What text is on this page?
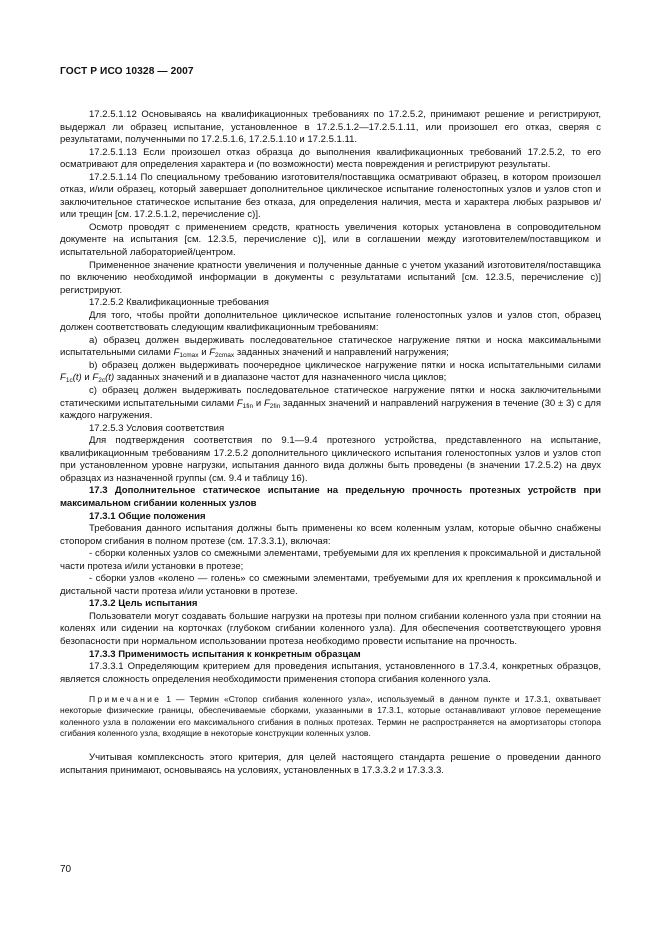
ГОСТ Р ИСО 10328 — 2007

17.2.5.1.12 Основываясь на квалификационных требованиях по 17.2.5.2, принимают решение и регистрируют, выдержал ли образец испытание, установленное в 17.2.5.1.2—17.2.5.1.11, или произошел его отказ, сверяя с результатами, полученными по 17.2.5.1.6, 17.2.5.1.10 и 17.2.5.1.11.

17.2.5.1.13 Если произошел отказ образца до выполнения квалификационных требований 17.2.5.2, то его осматривают для определения характера и (по возможности) места повреждения и регистрируют результаты.

17.2.5.1.14 По специальному требованию изготовителя/поставщика осматривают образец, в котором произошел отказ, и/или образец, который завершает дополнительное циклическое испытание голеностопных узлов и узлов стоп и заключительное статическое испытание без отказа, для определения наличия, места и характера любых разрывов и/или трещин [см. 17.2.5.1.2, перечисление с)].

Осмотр проводят с применением средств, кратность увеличения которых установлена в сопроводительном документе на испытания [см. 12.3.5, перечисление с)], или в соглашении между изготовителем/поставщиком и испытательной лабораторией/центром.

Примененное значение кратности увеличения и полученные данные с учетом указаний изготовителя/поставщика по включению необходимой информации в документы с результатами испытаний [см. 12.3.5, перечисление с)] регистрируют.

17.2.5.2 Квалификационные требования

Для того, чтобы пройти дополнительное циклическое испытание голеностопных узлов и узлов стоп, образец должен соответствовать следующим квалификационным требованиям:

а) образец должен выдерживать последовательное статическое нагружение пятки и носка максимальными испытательными силами $F_{1cmax}$ и $F_{2cmax}$ заданных значений и направлений нагружения;

b) образец должен выдерживать поочередное циклическое нагружение пятки и носка испытательными силами $F_{1c}(t)$ и $F_{2c}(t)$ заданных значений и в диапазоне частот для назначенного числа циклов;

с) образец должен выдерживать последовательное статическое нагружение пятки и носка заключительными статическими испытательными силами $F_{1fin}$ и $F_{2fin}$ заданных значений и направлений нагружения в течение (30 ± 3) с для каждого нагружения.

17.2.5.3 Условия соответствия

Для подтверждения соответствия по 9.1—9.4 протезного устройства, представленного на испытание, квалификационным требованиям 17.2.5.2 дополнительного циклического испытания голеностопных узлов и узлов стоп при установленном уровне нагрузки, испытания данного вида должны быть проведены (в значении 17.2.5.2) на двух образцах из назначенной группы (см. 9.4 и таблицу 16).

17.3 Дополнительное статическое испытание на предельную прочность протезных устройств при максимальном сгибании коленных узлов

17.3.1 Общие положения

Требования данного испытания должны быть применены ко всем коленным узлам, которые обычно снабжены стопором сгибания в полном протезе (см. 17.3.3.1), включая:

- сборки коленных узлов со смежными элементами, требуемыми для их крепления к проксимальной и дистальной части протеза и/или установки в протезе;

- сборки узлов «колено — голень» со смежными элементами, требуемыми для их крепления к проксимальной и дистальной части протеза и/или установки в протезе.

17.3.2 Цель испытания

Пользователи могут создавать большие нагрузки на протезы при полном сгибании коленного узла при стоянии на коленях или сидении на корточках (глубоком сгибании коленного узла). Для обеспечения соответствующего уровня безопасности при нормальном использовании протеза необходимо провести испытание на прочность.

17.3.3 Применимость испытания к конкретным образцам

17.3.3.1 Определяющим критерием для проведения испытания, установленного в 17.3.4, конкретных образцов, является сложность определения необходимости применения стопора сгибания коленного узла.

Примечание 1 — Термин «Стопор сгибания коленного узла», используемый в данном пункте и 17.3.1, охватывает некоторые физические границы, обеспечиваемые сборками, указанными в 17.3.1, которые останавливают угловое перемещение коленного узла в положении его максимального сгибания в полных протезах. Термин не распространяется на амортизаторы стопора сгибания коленного узла, входящие в некоторые конструкции коленных узлов.

Учитывая комплексность этого критерия, для целей настоящего стандарта решение о проведении данного испытания принимают, основываясь на условиях, установленных в 17.3.3.2 и 17.3.3.3.

70
